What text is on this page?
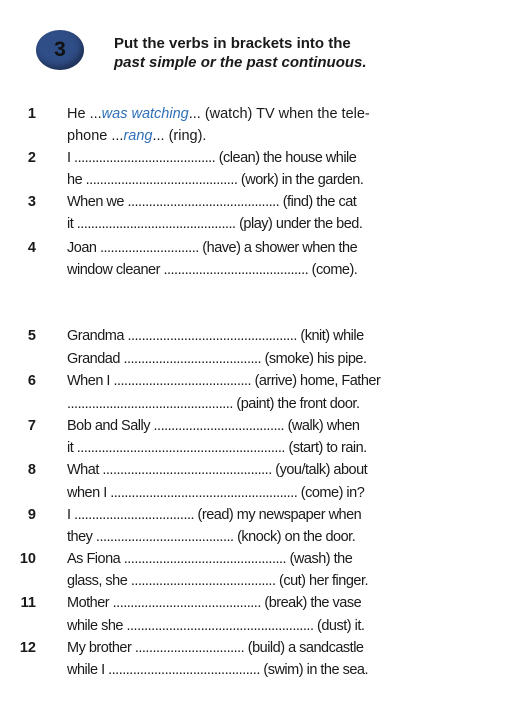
3	Put the verbs in brackets into the
past simple or the past continuous.
1 He ...was watching... (watch) TV when the tele-
phone ...rang... (ring).
2 I ........................................ (clean) the house while
he ........................................... (work) in the garden.
3 When we ........................................... (find) the cat
it ............................................. (play) under the bed.
4 Joan ............................ (have) a shower when the
window cleaner ......................................... (come).
5 Grandma ................................................ (knit) while
Grandad ....................................... (smoke) his pipe.
6 When I ....................................... (arrive) home, Father
............................................... (paint) the front door.
7 Bob and Sally ..................................... (walk) when
it ........................................................... (start) to rain.
8 What ................................................ (you/talk) about
when I ..................................................... (come) in?
9 I .................................. (read) my newspaper when
they ....................................... (knock) on the door.
10 As Fiona .............................................. (wash) the
glass, she ......................................... (cut) her finger.
11 Mother .......................................... (break) the vase
while she ..................................................... (dust) it.
12 My brother ............................... (build) a sandcastle
while I ........................................... (swim) in the sea.
